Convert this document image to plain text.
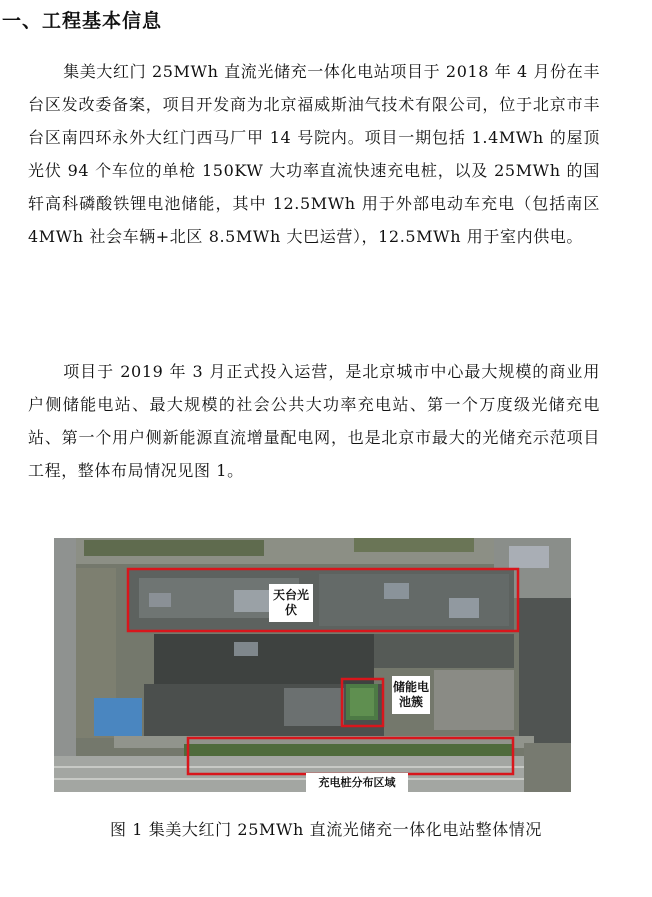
一、工程基本信息

集美大红门 25MWh 直流光储充一体化电站项目于 2018 年 4 月份在丰台区发改委备案，项目开发商为北京福威斯油气技术有限公司，位于北京市丰台区南四环永外大红门西马厂甲 14 号院内。项目一期包括 1.4MWh 的屋顶光伏 94 个车位的单枪 150KW 大功率直流快速充电桩，以及 25MWh 的国轩高科磷酸铁锂电池储能，其中 12.5MWh 用于外部电动车充电（包括南区 4MWh 社会车辆+北区 8.5MWh 大巴运营），12.5MWh 用于室内供电。

项目于 2019 年 3 月正式投入运营，是北京城市中心最大规模的商业用户侧储能电站、最大规模的社会公共大功率充电站、第一个万度级光储充电站、第一个用户侧新能源直流增量配电网，也是北京市最大的光储充示范项目工程，整体布局情况见图 1。

天台光伏
储能电池簇
充电桩分布区域
图 1 集美大红门 25MWh 直流光储充一体化电站整体情况
